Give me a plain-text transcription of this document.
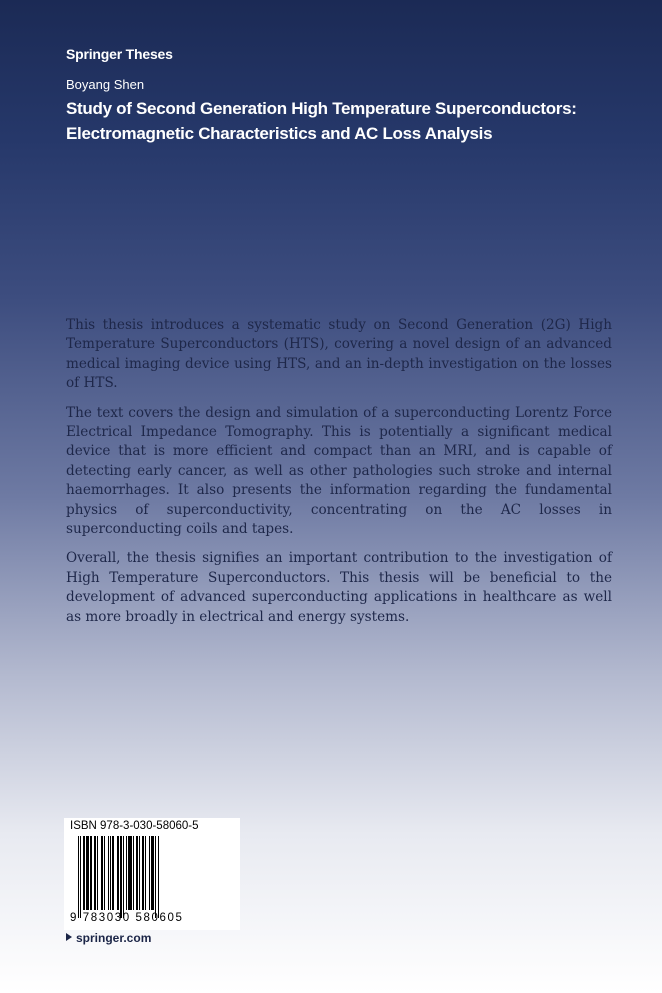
Springer Theses
Boyang Shen
Study of Second Generation High Temperature Superconductors:
Electromagnetic Characteristics and AC Loss Analysis

This thesis introduces a systematic study on Second Generation (2G) High Temperature Superconductors (HTS), covering a novel design of an advanced medical imaging device using HTS, and an in-depth investigation on the losses of HTS.

The text covers the design and simulation of a superconducting Lorentz Force Electrical Impedance Tomography. This is potentially a significant medical device that is more efficient and compact than an MRI, and is capable of detecting early cancer, as well as other pathologies such stroke and internal haemorrhages. It also presents the information regarding the fundamental physics of superconductivity, concentrating on the AC losses in superconducting coils and tapes.

Overall, the thesis signifies an important contribution to the investigation of High Temperature Superconductors. This thesis will be beneficial to the development of advanced superconducting applications in healthcare as well as more broadly in electrical and energy systems.

ISBN 978-3-030-58060-5
9 783030 580605
springer.com
